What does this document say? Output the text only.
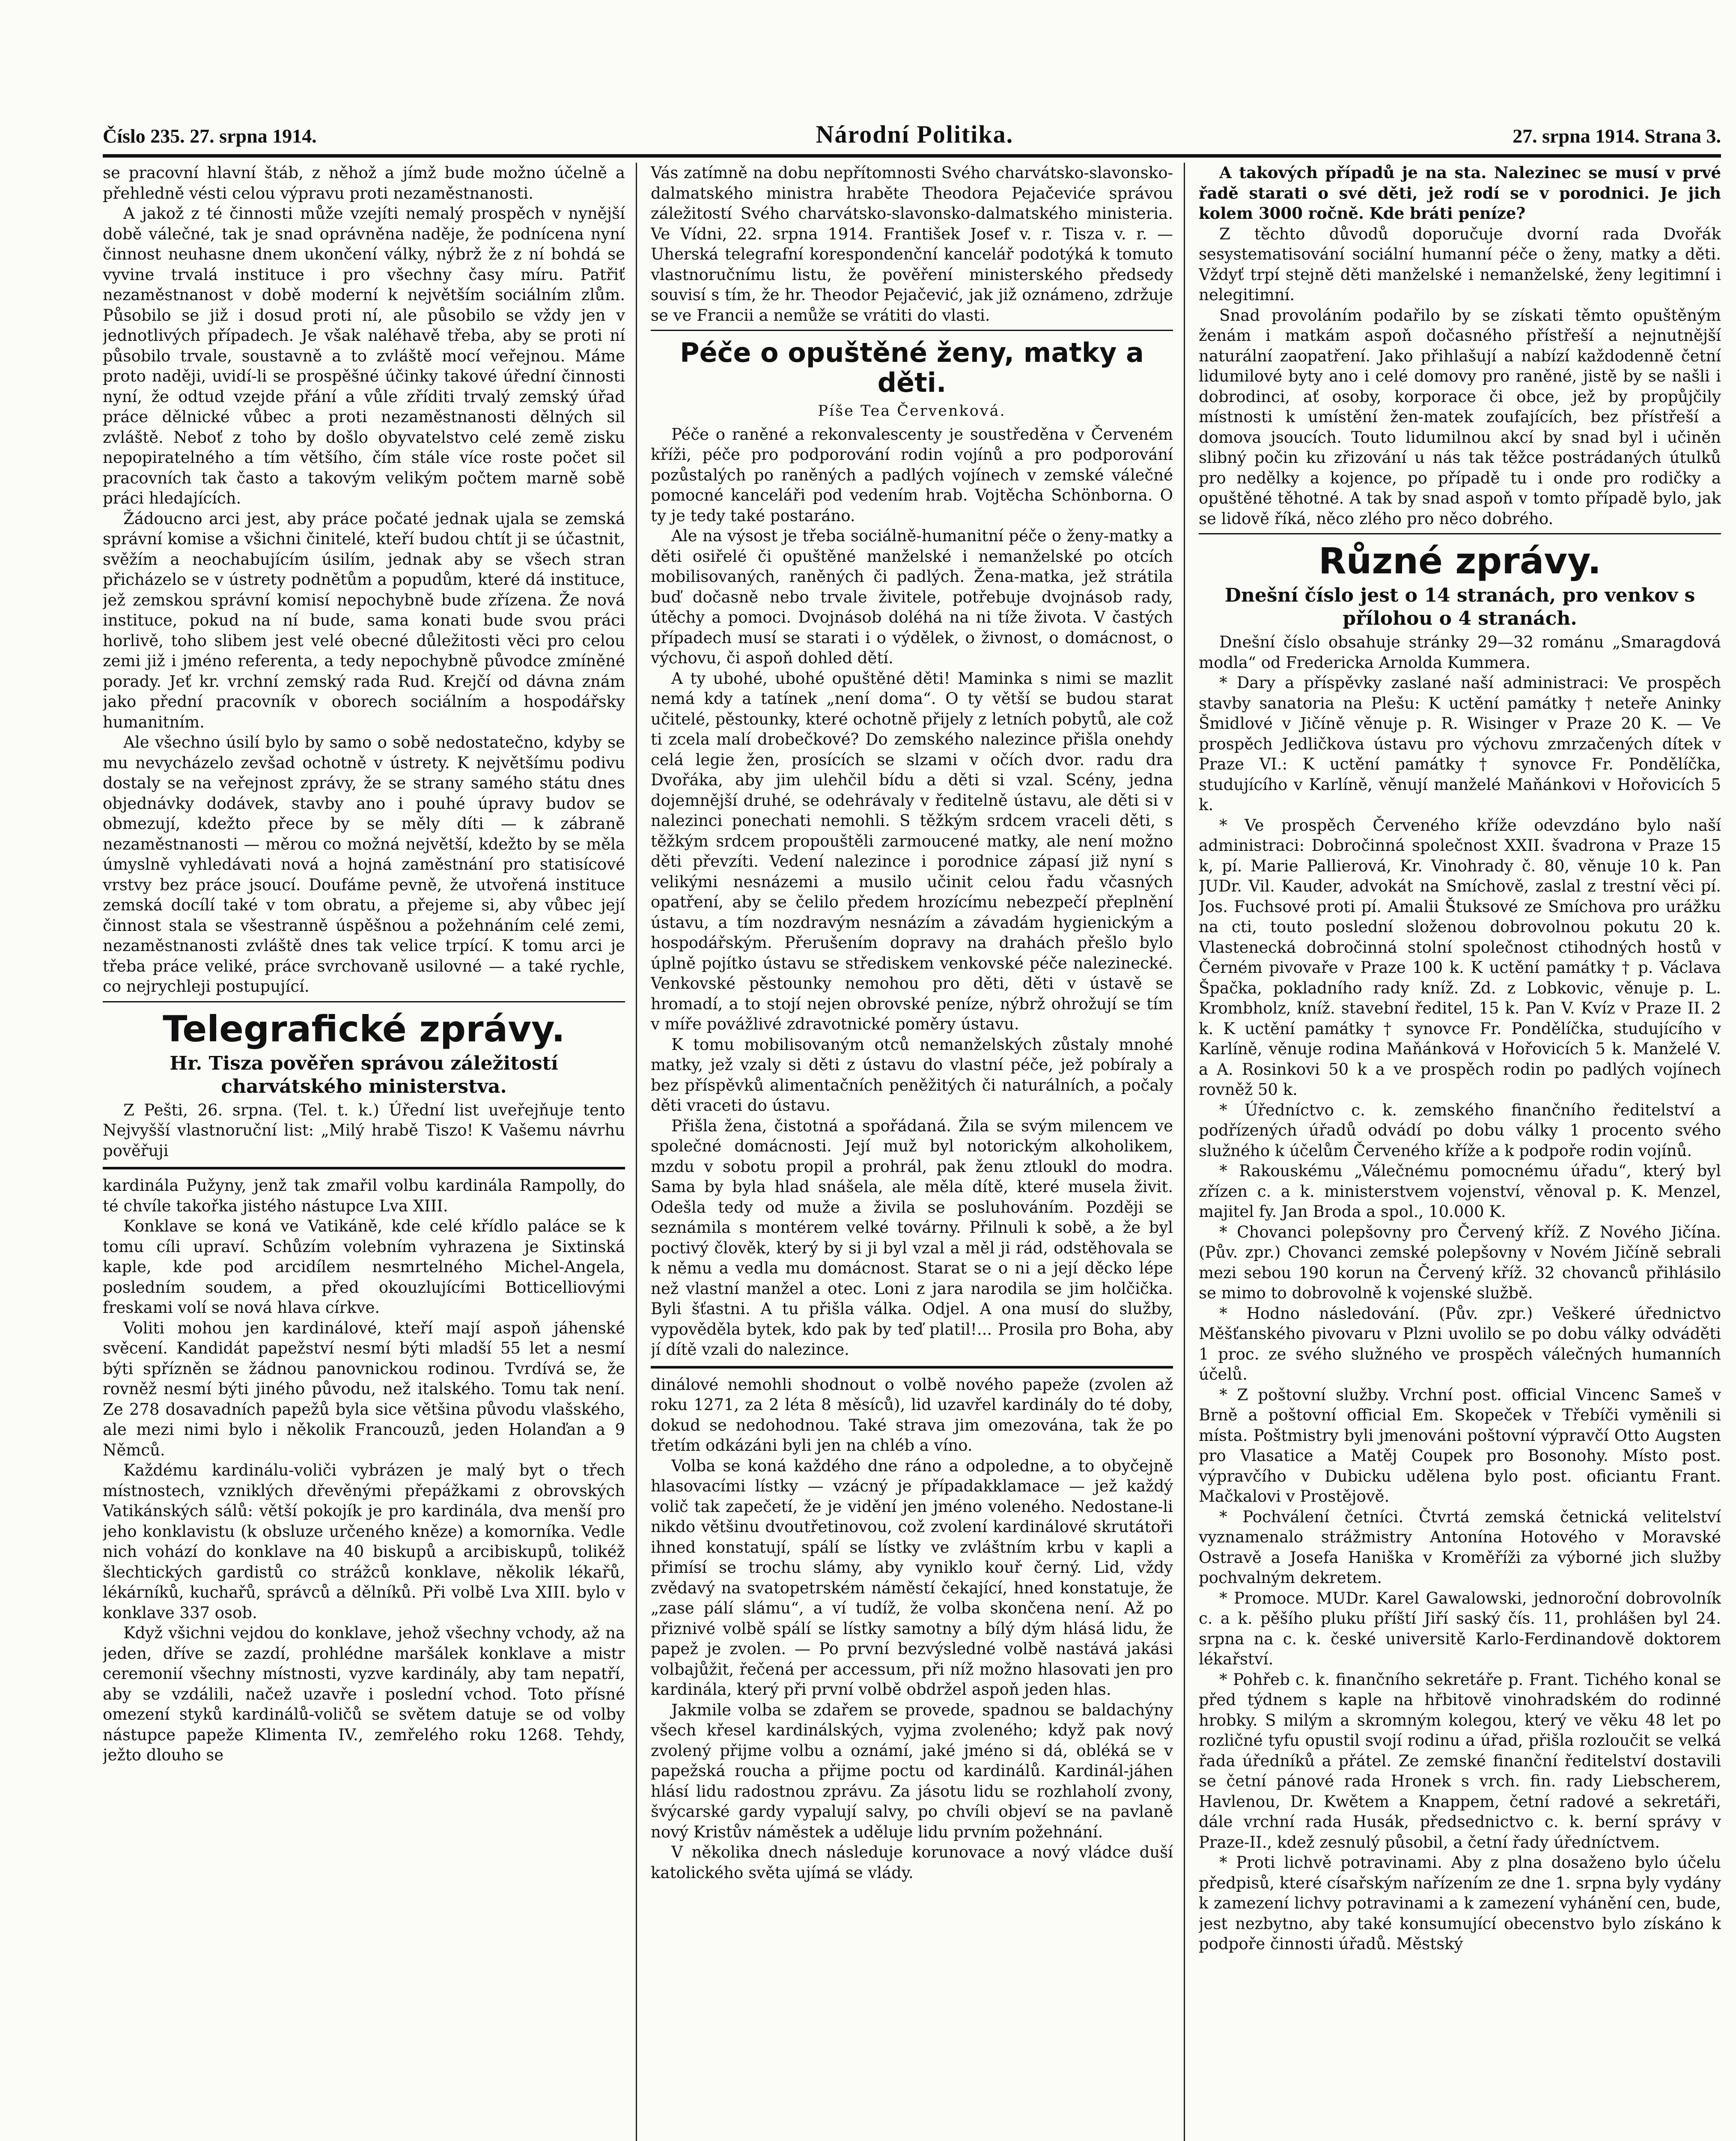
Číslo 235. 27. srpna 1914.	Národní Politika.	27. srpna 1914. Strana 3.

se pracovní hlavní štáb, z něhož a jímž bude možno účelně a přehledně vésti celou výpravu proti nezaměstnanosti.

A jakož z té činnosti může vzejíti nemalý prospěch v nynější době válečné, tak je snad oprávněna naděje, že podnícena nyní činnost neuhasne dnem ukončení války, nýbrž že z ní bohdá se vyvine trvalá instituce i pro všechny časy míru. Patřiť nezaměstnanost v době moderní k největším sociálním zlům. Působilo se již i dosud proti ní, ale působilo se vždy jen v jednotlivých případech. Je však naléhavě třeba, aby se proti ní působilo trvale, soustavně a to zvláště mocí veřejnou. Máme proto naději, uvidí-li se prospěšné účinky takové úřední činnosti nyní, že odtud vzejde přání a vůle zříditi trvalý zemský úřad práce dělnické vůbec a proti nezaměstnanosti dělných sil zvláště. Neboť z toho by došlo obyvatelstvo celé země zisku nepopiratelného a tím většího, čím stále více roste počet sil pracovních tak často a takovým velikým počtem marně sobě práci hledajících.

Žádoucno arci jest, aby práce počaté jednak ujala se zemská správní komise a všichni činitelé, kteří budou chtít ji se účastnit, svěžím a neochabujícím úsilím, jednak aby se všech stran přicházelo se v ústrety podnětům a popudům, které dá instituce, jež zemskou správní komisí nepochybně bude zřízena. Že nová instituce, pokud na ní bude, sama konati bude svou práci horlivě, toho slibem jest velé obecné důležitosti věci pro celou zemi již i jméno referenta, a tedy nepochybně původce zmíněné porady. Jeť kr. vrchní zemský rada Rud. Krejčí od dávna znám jako přední pracovník v oborech sociálním a hospodářsky humanitním.

Ale všechno úsilí bylo by samo o sobě nedostatečno, kdyby se mu nevycházelo zevšad ochotně v ústrety. K největšímu podivu dostaly se na veřejnost zprávy, že se strany samého státu dnes objednávky dodávek, stavby ano i pouhé úpravy budov se obmezují, kdežto přece by se měly díti — k zábraně nezaměstnanosti — měrou co možná největší, kdežto by se měla úmyslně vyhledávati nová a hojná zaměstnání pro statisícové vrstvy bez práce jsoucí. Doufáme pevně, že utvořená instituce zemská docílí také v tom obratu, a přejeme si, aby vůbec její činnost stala se všestranně úspěšnou a požehnáním celé zemi, nezaměstnanosti zvláště dnes tak velice trpící. K tomu arci je třeba práce veliké, práce svrchovaně usilovné — a také rychle, co nejrychleji postupující.

Telegrafické zprávy.
Hr. Tisza pověřen správou záležitostí charvátského ministerstva.

Z Pešti, 26. srpna. (Tel. t. k.) Úřední list uveřejňuje tento Nejvyšší vlastnoruční list: „Milý hrabě Tiszo! K Vašemu návrhu pověřuji

kardinála Pužyny, jenž tak zmařil volbu kardinála Rampolly, do té chvíle takořka jistého nástupce Lva XIII.

Konklave se koná ve Vatikáně, kde celé křídlo paláce se k tomu cíli upraví. Schůzím volebním vyhrazena je Sixtinská kaple, kde pod arcidílem nesmrtelného Michel-Angela, posledním soudem, a před okouzlujícími Botticelliovými freskami volí se nová hlava církve.

Voliti mohou jen kardinálové, kteří mají aspoň jáhenské svěcení. Kandidát papežství nesmí býti mladší 55 let a nesmí býti spřízněn se žádnou panovnickou rodinou. Tvrdívá se, že rovněž nesmí býti jiného původu, než italského. Tomu tak není. Ze 278 dosavadních papežů byla sice většina původu vlašského, ale mezi nimi bylo i několik Francouzů, jeden Holanďan a 9 Němců.

Každému kardinálu-voliči vybrázen je malý byt o třech místnostech, vzniklých dřevěnými přepážkami z obrovských Vatikánských sálů: větší pokojík je pro kardinála, dva menší pro jeho konklavistu (k obsluze určeného kněze) a komorníka. Vedle nich vohází do konklave na 40 biskupů a arcibiskupů, tolikéž šlechtických gardistů co strážců konklave, několik lékařů, lékárníků, kuchařů, správců a dělníků. Při volbě Lva XIII. bylo v konklave 337 osob.

Když všichni vejdou do konklave, jehož všechny vchody, až na jeden, dříve se zazdí, prohlédne maršálek konklave a mistr ceremonií všechny místnosti, vyzve kardinály, aby tam nepatří, aby se vzdálili, načež uzavře i poslední vchod. Toto přísné omezení styků kardinálů-voličů se světem datuje se od volby nástupce papeže Klimenta IV., zemřelého roku 1268. Tehdy, ježto dlouho se

Vás zatímně na dobu nepřítomnosti Svého charvátsko-slavonsko-dalmatského ministra hraběte Theodora Pejačeviće správou záležitostí Svého charvátsko-slavonsko-dalmatského ministeria. Ve Vídni, 22. srpna 1914. František Josef v. r. Tisza v. r. — Uherská telegrafní korespondenční kancelář podotýká k tomuto vlastnoručnímu listu, že pověření ministerského předsedy souvisí s tím, že hr. Theodor Pejačević, jak již oznámeno, zdržuje se ve Francii a nemůže se vrátiti do vlasti.

Péče o opuštěné ženy, matky a děti.
Píše Tea Červenková.

Péče o raněné a rekonvalescenty je soustředěna v Červeném kříži, péče pro podporování rodin vojínů a pro podporování pozůstalých po raněných a padlých vojínech v zemské válečné pomocné kanceláři pod vedením hrab. Vojtěcha Schönborna. O ty je tedy také postaráno.

Ale na výsost je třeba sociálně-humanitní péče o ženy-matky a děti osiřelé či opuštěné manželské i nemanželské po otcích mobilisovaných, raněných či padlých. Žena-matka, jež strátila buď dočasně nebo trvale živitele, potřebuje dvojnásob rady, útěchy a pomoci. Dvojnásob doléhá na ni tíže života. V častých případech musí se starati i o výdělek, o živnost, o domácnost, o výchovu, či aspoň dohled dětí.

A ty ubohé, ubohé opuštěné děti! Maminka s nimi se mazlit nemá kdy a tatínek „není doma“. O ty větší se budou starat učitelé, pěstounky, které ochotně přijely z letních pobytů, ale což ti zcela malí drobečkové? Do zemského nalezince přišla onehdy celá legie žen, prosících se slzami v očích dvor. radu dra Dvořáka, aby jim ulehčil bídu a děti si vzal. Scény, jedna dojemnější druhé, se odehrávaly v ředitelně ústavu, ale děti si v nalezinci ponechati nemohli. S těžkým srdcem vraceli děti, s těžkým srdcem propouštěli zarmoucené matky, ale není možno děti převzíti. Vedení nalezince i porodnice zápasí již nyní s velikými nesnázemi a musilo učinit celou řadu včasných opatření, aby se čelilo předem hrozícímu nebezpečí přeplnění ústavu, a tím nozdravým nesnázím a závadám hygienickým a hospodářským. Přerušením dopravy na drahách přešlo bylo úplně pojítko ústavu se střediskem venkovské péče nalezinecké. Venkovské pěstounky nemohou pro děti, děti v ústavě se hromadí, a to stojí nejen obrovské peníze, nýbrž ohrožují se tím v míře povážlivé zdravotnické poměry ústavu.

K tomu mobilisovaným otců nemanželských zůstaly mnohé matky, jež vzaly si děti z ústavu do vlastní péče, jež pobíraly a bez příspěvků alimentačních peněžitých či naturálních, a počaly děti vraceti do ústavu.

Přišla žena, čistotná a spořádaná. Žila se svým milencem ve společné domácnosti. Její muž byl notorickým alkoholikem, mzdu v sobotu propil a prohrál, pak ženu ztloukl do modra. Sama by byla hlad snášela, ale měla dítě, které musela živit. Odešla tedy od muže a živila se posluhováním. Později se seznámila s montérem velké továrny. Přilnuli k sobě, a že byl poctivý člověk, který by si ji byl vzal a měl ji rád, odstěhovala se k němu a vedla mu domácnost. Starat se o ni a její děcko lépe než vlastní manžel a otec. Loni z jara narodila se jim holčička. Byli šťastni. A tu přišla válka. Odjel. A ona musí do služby, vypověděla bytek, kdo pak by teď platil!... Prosila pro Boha, aby jí dítě vzali do nalezince.

dinálové nemohli shodnout o volbě nového papeže (zvolen až roku 1271, za 2 léta 8 měsíců), lid uzavřel kardinály do té doby, dokud se nedohodnou. Také strava jim omezována, tak že po třetím odkázáni byli jen na chléb a víno.

Volba se koná každého dne ráno a odpoledne, a to obyčejně hlasovacími lístky — vzácný je případakklamace — jež každý volič tak zapečetí, že je vidění jen jméno voleného. Nedostane-li nikdo většinu dvoutřetinovou, což zvolení kardinálové skrutátoři ihned konstatují, spálí se lístky ve zvláštním krbu v kapli a přimísí se trochu slámy, aby vyniklo kouř černý. Lid, vždy zvědavý na svatopetrském náměstí čekající, hned konstatuje, že „zase pálí slámu“, a ví tudíž, že volba skončena není. Až po přiznivé volbě spálí se lístky samotny a bílý dým hlásá lidu, že papež je zvolen. — Po první bezvýsledné volbě nastává jakási volbajůžit, řečená per accessum, při níž možno hlasovati jen pro kardinála, který při první volbě obdržel aspoň jeden hlas.

Jakmile volba se zdařem se provede, spadnou se baldachýny všech křesel kardinálských, vyjma zvoleného; když pak nový zvolený přijme volbu a oznámí, jaké jméno si dá, obléká se v papežská roucha a přijme poctu od kardinálů. Kardinál-jáhen hlásí lidu radostnou zprávu. Za jásotu lidu se rozhlaholí zvony, švýcarské gardy vypalují salvy, po chvíli objeví se na pavlaně nový Kristův náměstek a uděluje lidu prvním požehnání.

V několika dnech následuje korunovace a nový vládce duší katolického světa ujímá se vlády.

A takových případů je na sta. Nalezinec se musí v prvé řadě starati o své děti, jež rodí se v porodnici. Je jich kolem 3000 ročně. Kde bráti peníze?

Z těchto důvodů doporučuje dvorní rada Dvořák sesystematisování sociální humanní péče o ženy, matky a děti. Vždyť trpí stejně děti manželské i nemanželské, ženy legitimní i nelegitimní.

Snad provoláním podařilo by se získati těmto opuštěným ženám i matkám aspoň dočasného přístřeší a nejnutnější naturální zaopatření. Jako přihlašují a nabízí každodenně četní lidumilové byty ano i celé domovy pro raněné, jistě by se našli i dobrodinci, ať osoby, korporace či obce, jež by propůjčily místnosti k umístění žen-matek zoufajících, bez přístřeší a domova jsoucích. Touto lidumilnou akcí by snad byl i učiněn slibný počin ku zřizování u nás tak těžce postrádaných útulků pro nedělky a kojence, po případě tu i onde pro rodičky a opuštěné těhotné. A tak by snad aspoň v tomto případě bylo, jak se lidově říká, něco zlého pro něco dobrého.

Různé zprávy.
Dnešní číslo jest o 14 stranách, pro venkov s přílohou o 4 stranách.

Dnešní číslo obsahuje stránky 29—32 románu „Smaragdová modla“ od Fredericka Arnolda Kummera.

* Dary a příspěvky zaslané naší administraci: Ve prospěch stavby sanatoria na Plešu: K uctění památky † neteře Aninky Šmidlové v Jičíně věnuje p. R. Wisinger v Praze 20 K. — Ve prospěch Jedličkova ústavu pro výchovu zmrzačených dítek v Praze VI.: K uctění památky † synovce Fr. Pondělíčka, studujícího v Karlíně, věnují manželé Maňánkovi v Hořovicích 5 k.

* Ve prospěch Červeného kříže odevzdáno bylo naší administraci: Dobročinná společnost XXII. švadrona v Praze 15 k, pí. Marie Pallierová, Kr. Vinohrady č. 80, věnuje 10 k. Pan JUDr. Vil. Kauder, advokát na Smíchově, zaslal z trestní věci pí. Jos. Fuchsové proti pí. Amalii Štuksové ze Smíchova pro urážku na cti, touto poslední složenou dobrovolnou pokutu 20 k. Vlastenecká dobročinná stolní společnost ctihodných hostů v Černém pivovaře v Praze 100 k. K uctění památky † p. Václava Špačka, pokladního rady kníž. Zd. z Lobkovic, věnuje p. L. Krombholz, kníž. stavební ředitel, 15 k. Pan V. Kvíz v Praze II. 2 k. K uctění památky † synovce Fr. Pondělíčka, studujícího v Karlíně, věnuje rodina Maňánková v Hořovicích 5 k. Manželé V. a A. Rosinkovi 50 k a ve prospěch rodin po padlých vojínech rovněž 50 k.

* Úředníctvo c. k. zemského finančního ředitelství a podřízených úřadů odvádí po dobu války 1 procento svého služného k účelům Červeného kříže a k podpoře rodin vojínů.

* Rakouskému „Válečnému pomocnému úřadu“, který byl zřízen c. a k. ministerstvem vojenství, věnoval p. K. Menzel, majitel fy. Jan Broda a spol., 10.000 K.

* Chovanci polepšovny pro Červený kříž. Z Nového Jičína. (Pův. zpr.) Chovanci zemské polepšovny v Novém Jičíně sebrali mezi sebou 190 korun na Červený kříž. 32 chovanců přihlásilo se mimo to dobrovolně k vojenské službě.

* Hodno následování. (Pův. zpr.) Veškeré úřednictvo Měšťanského pivovaru v Plzni uvolilo se po dobu války odváděti 1 proc. ze svého služného ve prospěch válečných humanních účelů.

* Z poštovní služby. Vrchní post. official Vincenc Sameš v Brně a poštovní official Em. Skopeček v Třebíči vyměnili si místa. Poštmistry byli jmenováni poštovní výpravčí Otto Augsten pro Vlasatice a Matěj Coupek pro Bosonohy. Místo post. výpravčího v Dubicku udělena bylo post. oficiantu Frant. Mačkalovi v Prostějově.

* Pochválení četníci. Čtvrtá zemská četnická velitelství vyznamenalo strážmistry Antonína Hotového v Moravské Ostravě a Josefa Haniška v Kroměříži za výborné jich služby pochvalným dekretem.

* Promoce. MUDr. Karel Gawalowski, jednoroční dobrovolník c. a k. pěšího pluku příští Jiří saský čís. 11, prohlášen byl 24. srpna na c. k. české universitě Karlo-Ferdinandově doktorem lékařství.

* Pohřeb c. k. finančního sekretáře p. Frant. Tichého konal se před týdnem s kaple na hřbitově vinohradském do rodinné hrobky. S milým a skromným kolegou, který ve věku 48 let po rozličné tyfu opustil svojí rodinu a úřad, přišla rozloučit se velká řada úředníků a přátel. Ze zemské finanční ředitelství dostavili se četní pánové rada Hronek s vrch. fin. rady Liebscherem, Havlenou, Dr. Kwětem a Knappem, četní radové a sekretáři, dále vrchní rada Husák, předsednictvo c. k. berní správy v Praze-II., kdež zesnulý působil, a četní řady úředníctvem.

* Proti lichvě potravinami. Aby z plna dosaženo bylo účelu předpisů, které císařským nařízením ze dne 1. srpna byly vydány k zamezení lichvy potravinami a k zamezení vyhánění cen, bude, jest nezbytno, aby také konsumující obecenstvo bylo získáno k podpoře činnosti úřadů. Městský
